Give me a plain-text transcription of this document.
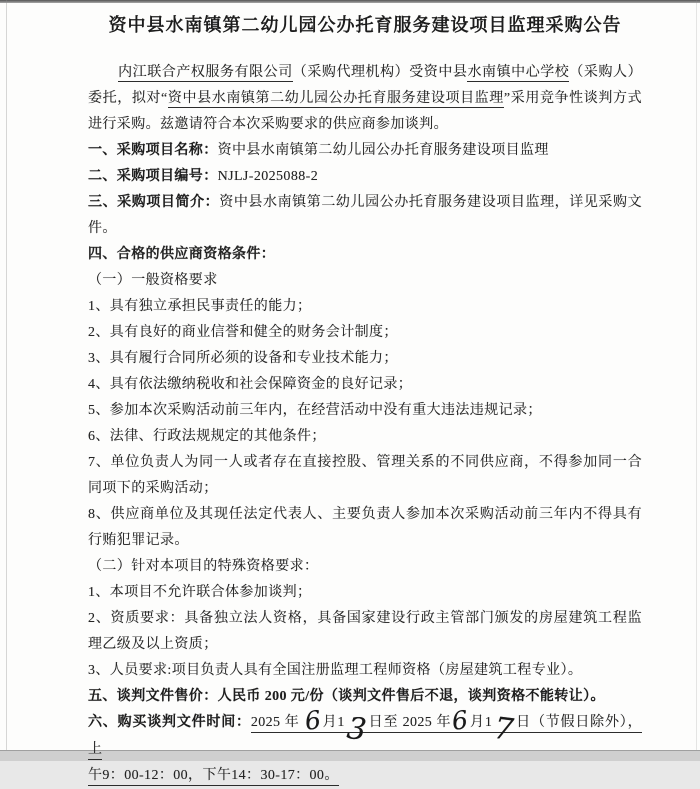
资中县水南镇第二幼儿园公办托育服务建设项目监理采购公告

内江联合产权服务有限公司（采购代理机构）受资中县水南镇中心学校（采购人）委托，拟对“资中县水南镇第二幼儿园公办托育服务建设项目监理”采用竞争性谈判方式进行采购。兹邀请符合本次采购要求的供应商参加谈判。

一、采购项目名称：资中县水南镇第二幼儿园公办托育服务建设项目监理

二、采购项目编号：NJLJ-2025088-2

三、采购项目简介：资中县水南镇第二幼儿园公办托育服务建设项目监理，详见采购文件。

四、合格的供应商资格条件：

（一）一般资格要求

1、具有独立承担民事责任的能力；

2、具有良好的商业信誉和健全的财务会计制度；

3、具有履行合同所必须的设备和专业技术能力；

4、具有依法缴纳税收和社会保障资金的良好记录；

5、参加本次采购活动前三年内，在经营活动中没有重大违法违规记录；

6、法律、行政法规规定的其他条件；

7、单位负责人为同一人或者存在直接控股、管理关系的不同供应商，不得参加同一合同项下的采购活动；

8、供应商单位及其现任法定代表人、主要负责人参加本次采购活动前三年内不得具有行贿犯罪记录。

（二）针对本项目的特殊资格要求：

1、本项目不允许联合体参加谈判；

2、资质要求：具备独立法人资格，具备国家建设行政主管部门颁发的房屋建筑工程监理乙级及以上资质；

3、人员要求:项目负责人具有全国注册监理工程师资格（房屋建筑工程专业）。

五、谈判文件售价：人民币 200 元/份（谈判文件售后不退，谈判资格不能转让）。

六、购买谈判文件时间：2025 年 6月13日至 2025 年6月17日（节假日除外），上
午9：00-12：00，下午14：30-17：00。
